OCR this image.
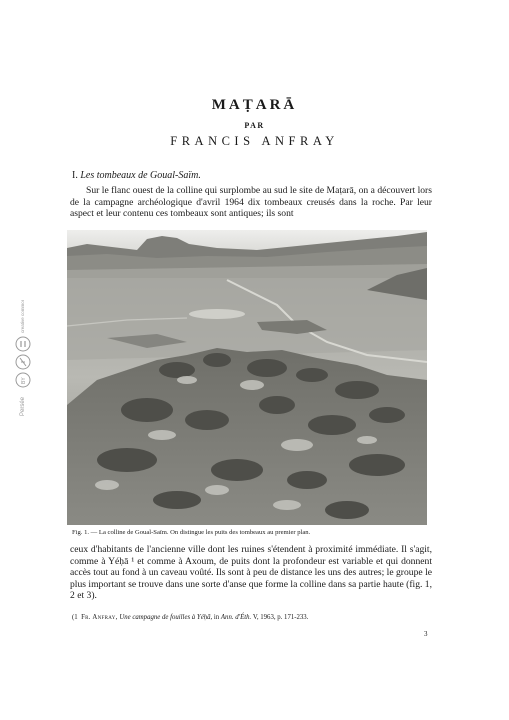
MAṬARĀ
PAR
FRANCIS ANFRAY
I. Les tombeaux de Goual-Saïm.

Sur le flanc ouest de la colline qui surplombe au sud le site de Maṭarā, on a découvert lors de la campagne archéologique d'avril 1964 dix tombeaux creusés dans la roche. Par leur aspect et leur contenu ces tombeaux sont antiques; ils sont

Fig. 1. — La colline de Goual-Saïm. On distingue les puits des tombeaux au premier plan.

ceux d'habitants de l'ancienne ville dont les ruines s'étendent à proximité immédiate. Il s'agit, comme à Yéḥā ¹ et comme à Axoum, de puits dont la profondeur est variable et qui donnent accès tout au fond à un caveau voûté. Ils sont à peu de distance les uns des autres; le groupe le plus important se trouve dans une sorte d'anse que forme la colline dans sa partie haute (fig. 1, 2 et 3).

(1 Fr. Anfray, Une campagne de fouilles à Yéḥā, in Ann. d'Éth. V, 1963, p. 171-233.
3
Persée
BY
creative commons
